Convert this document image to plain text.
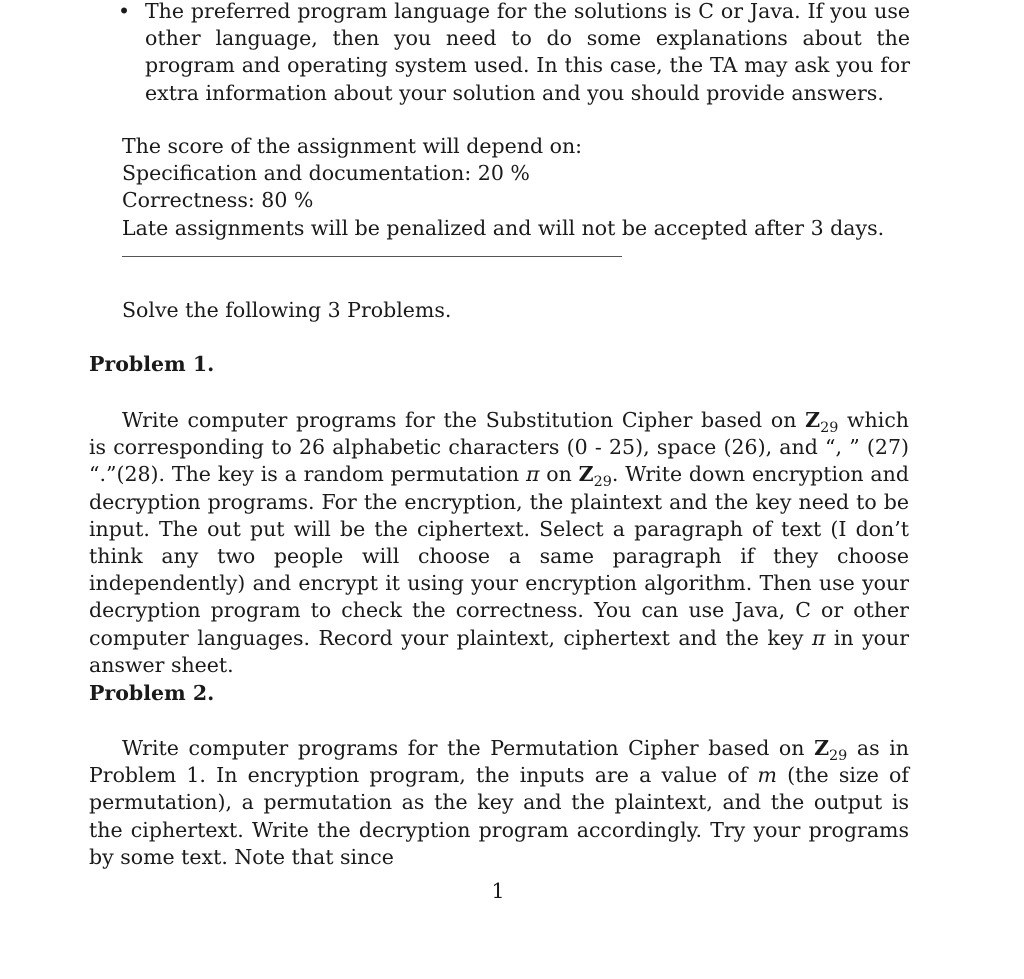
• The preferred program language for the solutions is C or Java. If you use other language, then you need to do some explanations about the program and operating system used. In this case, the TA may ask you for extra information about your solution and you should provide answers.
The score of the assignment will depend on:
Specification and documentation: 20 %
Correctness: 80 %
Late assignments will be penalized and will not be accepted after 3 days.
Solve the following 3 Problems.
Problem 1.
Write computer programs for the Substitution Cipher based on $Z_{29}$ which is corresponding to 26 alphabetic characters (0 - 25), space (26), and “, ” (27) “.”(28). The key is a random permutation π on $Z_{29}$. Write down encryption and decryption programs. For the encryption, the plaintext and the key need to be input. The out put will be the ciphertext. Select a paragraph of text (I don’t think any two people will choose a same paragraph if they choose independently) and encrypt it using your encryption algorithm. Then use your decryption program to check the correctness. You can use Java, C or other computer languages. Record your plaintext, ciphertext and the key π in your answer sheet.
Problem 2.
Write computer programs for the Permutation Cipher based on $Z_{29}$ as in Problem 1. In encryption program, the inputs are a value of m (the size of permutation), a permutation as the key and the plaintext, and the output is the ciphertext. Write the decryption program accordingly. Try your programs by some text. Note that since
1
